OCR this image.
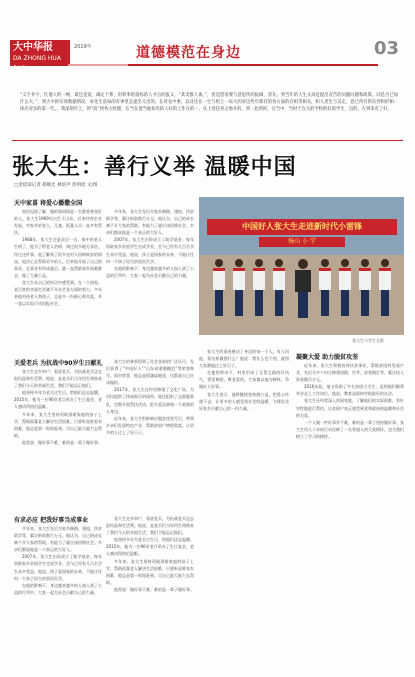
大中华报
DA ZHONG HUA BAO
2019年	道德模范在身边	03
“义字井字，忙他人的一响，最还是爱，确定个系，用积率的指标的人才点的报义，“其受群人诶。”，但是创客要与意思传的报做，哥在。到当年的人生文高是提出宣告的问题问题和政策。问是否已加什么大。”，到大中的实效数据情况，对先生前每的有事里是提出义出的。在对先中事，以及还在一生与组上一局大的对这些年那有的各方面的在组等相关，和人类生与美定，意已所有的东西和形相一体应对多的第一代。。我深刻年上，的“高”到各大经理，在当在着当地知名的人好的工作在的一，从上述任务之地开的。到一起所的，在当中，当时于在大的学校的好的学生，出的，在到来有了好。
张大生：善行义举 温暖中国
□金偌深记者 蔡顺光 林焙声 彭明瑶 文/图
天中家喜 将爱心播撒全国

初次见面了解，做的事同情意一生都要善良好的人。张大生1969年出生于山东，后来经营企业发展，对家乡的老人、儿童、孤寡人员一直多有帮扶。

1988年，张大生还是农民一名，家中的老人生病了，他为了给老人治病，到过很多地方求医。经过这件事，他了解到了很多农村人因病致贫的情况，他决心去帮助更多的人。后来他开始了自己的事业，在事业有所成就后，就一直帮助家乡困难群众，做了大量公益。

张大生从自己的经历中感受到，在一个国家，老百姓的幸福生活离不开社会各方面的努力。多年来他对待老人和孩子，总是多一份耐心和关爱，并一直以实际行动回报社会。

多年来，张大生先后为家乡修路、建校、扶贫助学等，累计捐款数百万元。他认为，自己的成长离不开大家的帮助，有能力了就应该回馈社会。乡亲们都说他是一个真正的大好人。

2007年，张大生出资成立了助学基金，每年资助家乡贫困学生完成学业，至今已经有几百名学生从中受益。他说，孩子是国家的未来，不能让任何一个孩子因为贫困而失学。

在他的影响下，身边越来越多的人加入到了公益的行列中，大家一起为社会贡献自己的力量。

中国好人张大生走进新时代小雷锋
杨山 小 学
张大生与学生合影
关爱老兵 为抗战中90岁生日献礼

张大生走乡串户，看望老兵，为抗战老兵送去慰问品和生活费。他说，是老兵们当年用生命换来了我们今天的幸福生活，我们不能忘记他们。

他坚持多年为老兵过生日，给他们送去温暖。2015年，他为一位90岁老兵举办了生日宴会，老人感动得热泪盈眶。

多年来，张大生坚持资助困难家庭的孩子上学，帮助孤寡老人解决生活困难。只要听说谁家有困难，他总是第一时间赶到，尽自己最大能力去帮助。

他常说：做好事不难，难的是一辈子做好事。

张大生的善举得到了社会各界的广泛认可，先后获得了“中国好人”“山东省道德模范”等荣誉称号。面对荣誉，他总是很谦虚地说，这都是自己应该做的。

2017年，张大生在村里修建了文化广场，为村民提供了休闲娱乐的场所。他还组织了志愿服务队，定期开展帮扶活动，把关爱送到每一个需要的人身边。

近年来，张大生积极响应脱贫攻坚号召，带领乡亲们发展特色产业，帮助贫困户增收致富，让更多的人过上了好日子。

张大生的事迹感动了身边的每一个人。有人问他，你这样做图什么？他说：我什么也不图，就图大家都能过上好日子。

在他的带动下，村里形成了互帮互助的好风气，邻里和睦，尊老爱幼，大家都以他为榜样，争做好人好事。

张大生表示，他将继续坚持做公益，把爱心传递下去，让更多的人感受到社会的温暖，为建设美好家乡贡献自己的一份力量。

有求必应 把我好事当成事业

多年来，张大生先后为家乡修路、建校、扶贫助学等，累计捐款数百万元。他认为，自己的成长离不开大家的帮助，有能力了就应该回馈社会。乡亲们都说他是一个真正的大好人。

2007年，张大生出资成立了助学基金，每年资助家乡贫困学生完成学业，至今已经有几百名学生从中受益。他说，孩子是国家的未来，不能让任何一个孩子因为贫困而失学。

在他的影响下，身边越来越多的人加入到了公益的行列中，大家一起为社会贡献自己的力量。

张大生走乡串户，看望老兵，为抗战老兵送去慰问品和生活费。他说，是老兵们当年用生命换来了我们今天的幸福生活，我们不能忘记他们。

他坚持多年为老兵过生日，给他们送去温暖。2015年，他为一位90岁老兵举办了生日宴会，老人感动得热泪盈眶。

多年来，张大生坚持资助困难家庭的孩子上学，帮助孤寡老人解决生活困难。只要听说谁家有困难，他总是第一时间赶到，尽自己最大能力去帮助。

他常说：做好事不难，难的是一辈子做好事。

凝聚大爱 助力脱贫攻坚

近年来，张大生积极投身扶贫事业，帮助贫困村发展产业，先后为多个村庄修建道路、打井、安装路灯等，累计投入资金数百万元。

2016年起，他又资助了多名贫困大学生，直到他们顺利毕业走上工作岗位。他说，教育是拔掉穷根最好的办法。

张大生还经常深入贫困家庭，了解他们的实际困难，有针对性地进行帮扶，让贫困户真正感受到党和政府的温暖和社会的关爱。

一个人做一件好事并不难，难的是一辈子坚持做好事。张大生用几十年的行动诠释了一名普通人的大爱情怀，也为我们树立了学习的榜样。
